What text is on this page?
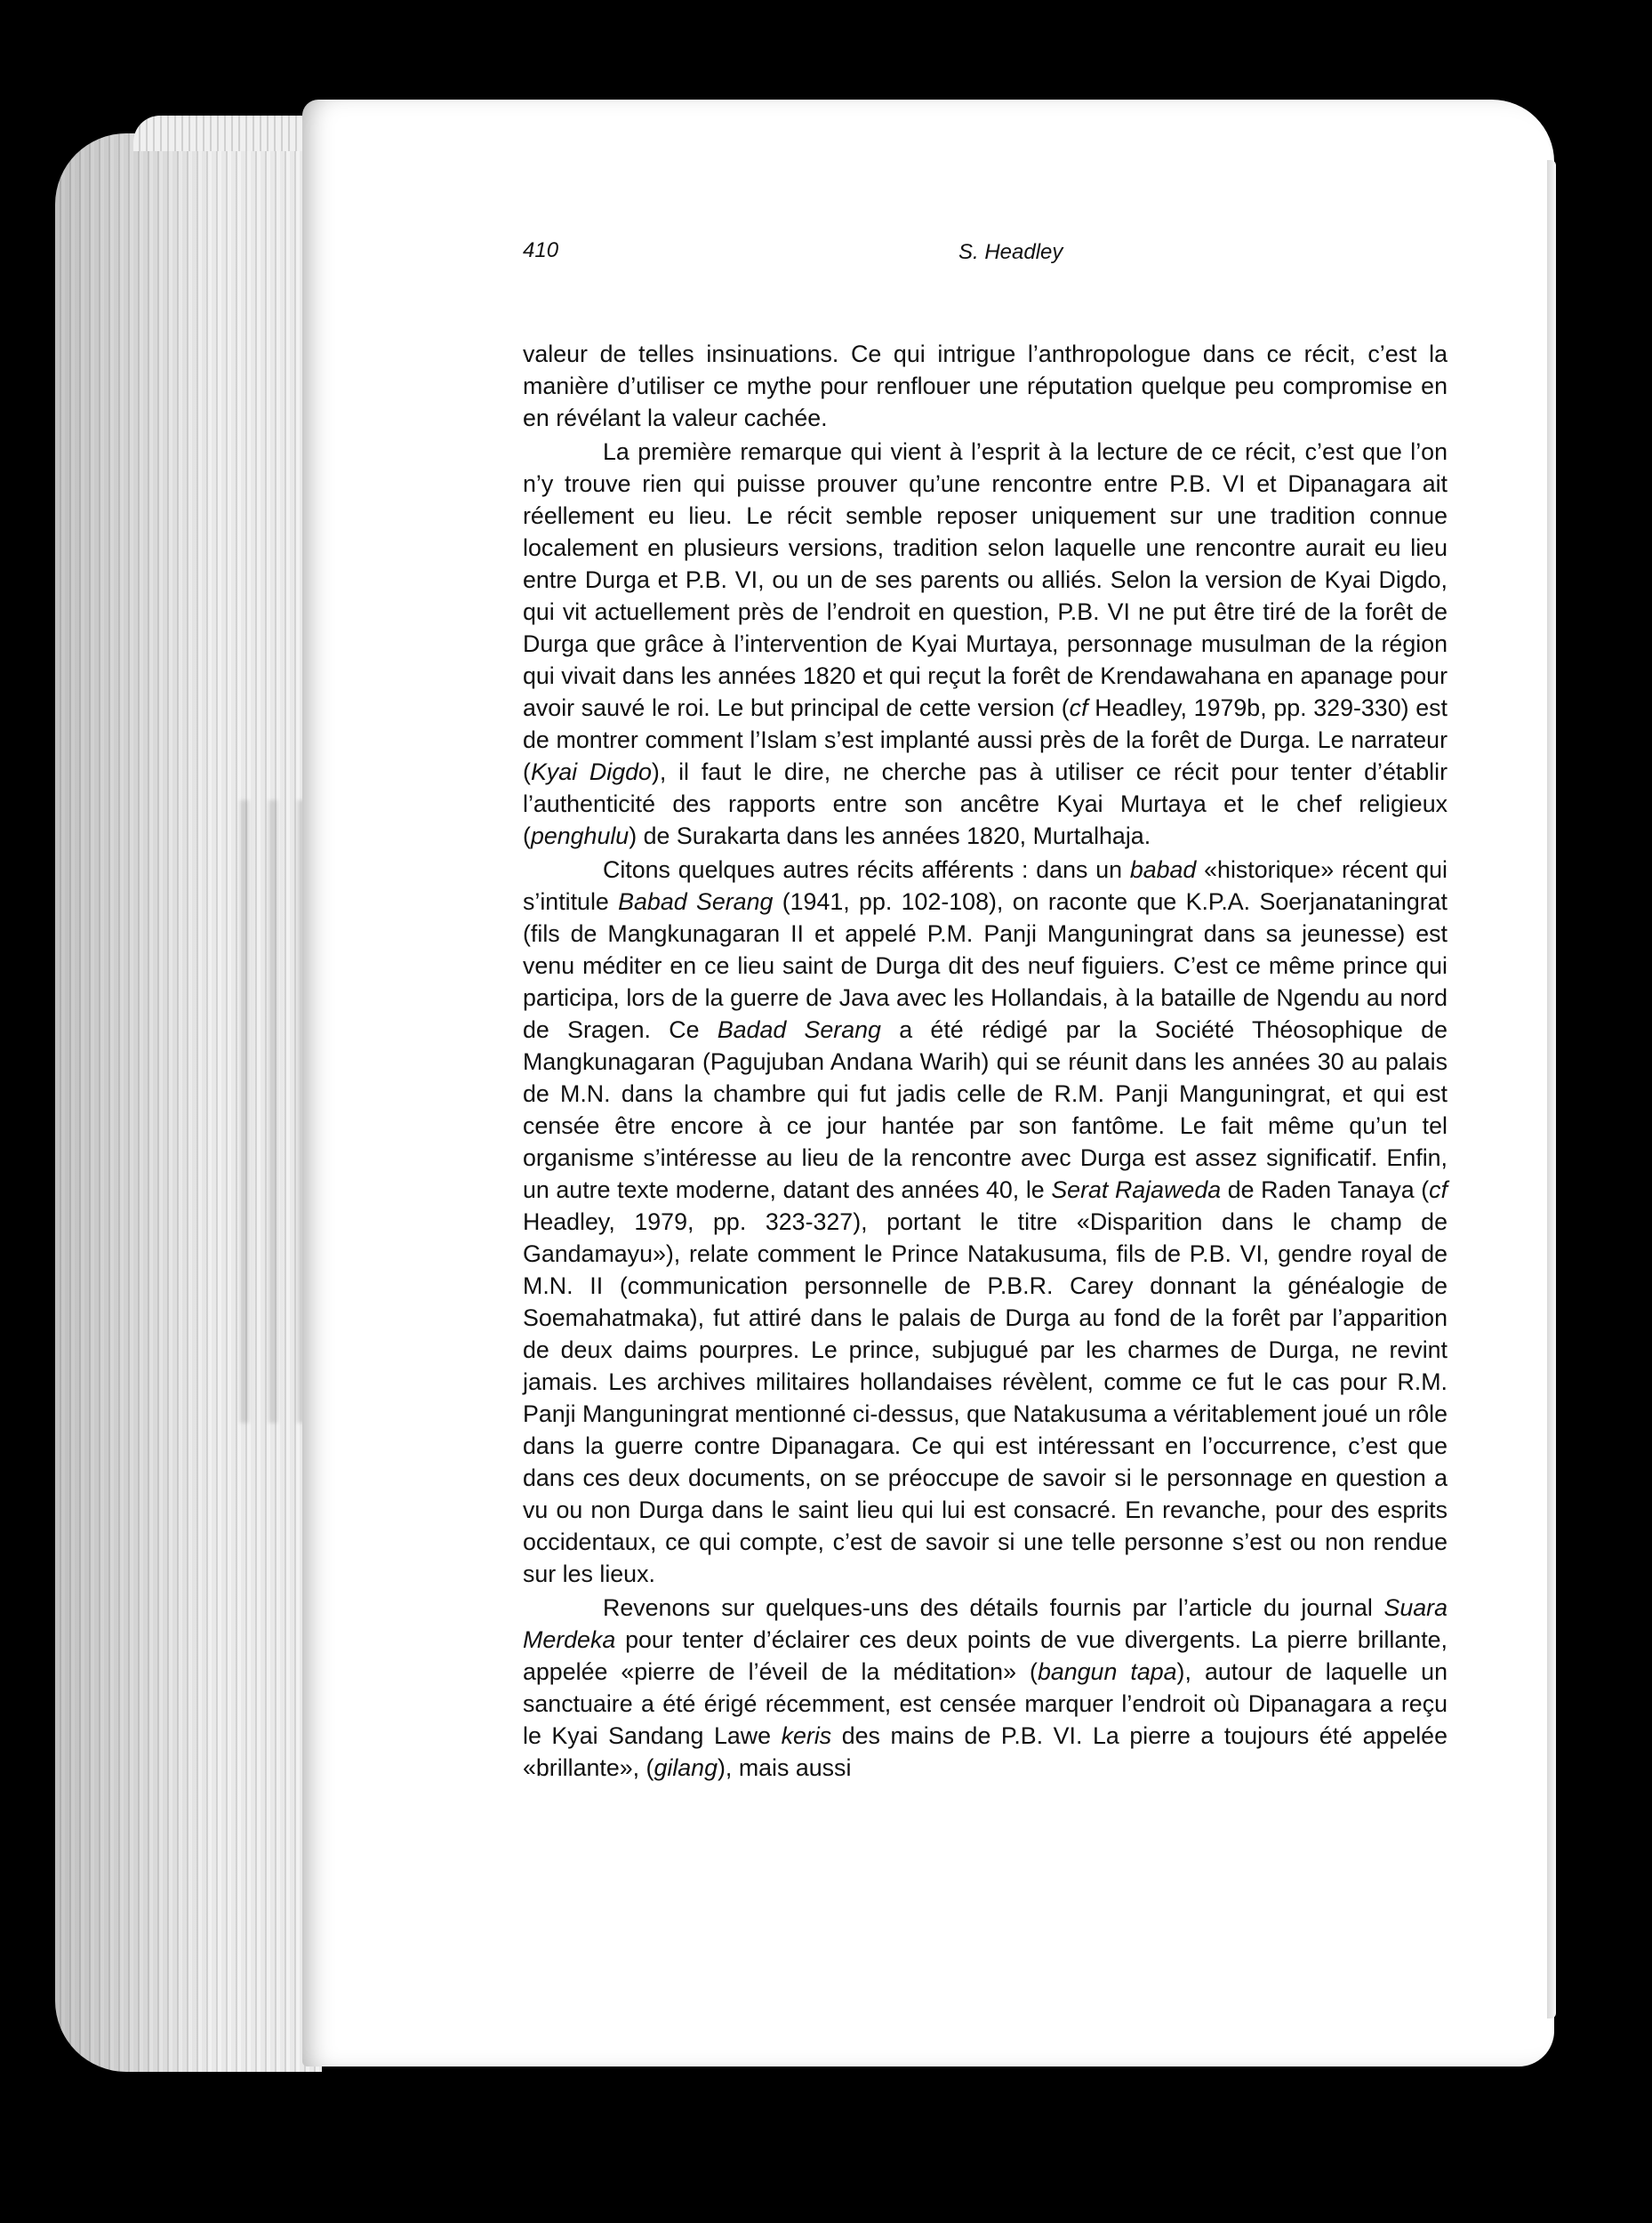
410	S. Headley

valeur de telles insinuations. Ce qui intrigue l’anthropologue dans ce récit, c’est la manière d’utiliser ce mythe pour renflouer une réputation quelque peu compromise en en révélant la valeur cachée.

La première remarque qui vient à l’esprit à la lecture de ce récit, c’est que l’on n’y trouve rien qui puisse prouver qu’une rencontre entre P.B. VI et Dipanagara ait réellement eu lieu. Le récit semble reposer uniquement sur une tradition connue localement en plusieurs versions, tradition selon laquelle une rencontre aurait eu lieu entre Durga et P.B. VI, ou un de ses parents ou alliés. Selon la version de Kyai Digdo, qui vit actuellement près de l’endroit en question, P.B. VI ne put être tiré de la forêt de Durga que grâce à l’intervention de Kyai Murtaya, personnage musulman de la région qui vivait dans les années 1820 et qui reçut la forêt de Krendawahana en apanage pour avoir sauvé le roi. Le but principal de cette version (cf Headley, 1979b, pp. 329-330) est de montrer comment l’Islam s’est implanté aussi près de la forêt de Durga. Le narrateur (Kyai Digdo), il faut le dire, ne cherche pas à utiliser ce récit pour tenter d’établir l’authenticité des rapports entre son ancêtre Kyai Murtaya et le chef religieux (penghulu) de Surakarta dans les années 1820, Murtalhaja.

Citons quelques autres récits afférents : dans un babad «historique» récent qui s’intitule Babad Serang (1941, pp. 102-108), on raconte que K.P.A. Soerjanataningrat (fils de Mangkunagaran II et appelé P.M. Panji Manguningrat dans sa jeunesse) est venu méditer en ce lieu saint de Durga dit des neuf figuiers. C’est ce même prince qui participa, lors de la guerre de Java avec les Hollandais, à la bataille de Ngendu au nord de Sragen. Ce Badad Serang a été rédigé par la Société Théosophique de Mangkunagaran (Pagujuban Andana Warih) qui se réunit dans les années 30 au palais de M.N. dans la chambre qui fut jadis celle de R.M. Panji Manguningrat, et qui est censée être encore à ce jour hantée par son fantôme. Le fait même qu’un tel organisme s’intéresse au lieu de la rencontre avec Durga est assez significatif. Enfin, un autre texte moderne, datant des années 40, le Serat Rajaweda de Raden Tanaya (cf Headley, 1979, pp. 323-327), portant le titre «Disparition dans le champ de Gandamayu»), relate comment le Prince Natakusuma, fils de P.B. VI, gendre royal de M.N. II (communication personnelle de P.B.R. Carey donnant la généalogie de Soemahatmaka), fut attiré dans le palais de Durga au fond de la forêt par l’apparition de deux daims pourpres. Le prince, subjugué par les charmes de Durga, ne revint jamais. Les archives militaires hollandaises révèlent, comme ce fut le cas pour R.M. Panji Manguningrat mentionné ci-dessus, que Natakusuma a véritablement joué un rôle dans la guerre contre Dipanagara. Ce qui est intéressant en l’occurrence, c’est que dans ces deux documents, on se préoccupe de savoir si le personnage en question a vu ou non Durga dans le saint lieu qui lui est consacré. En revanche, pour des esprits occidentaux, ce qui compte, c’est de savoir si une telle personne s’est ou non rendue sur les lieux.

Revenons sur quelques-uns des détails fournis par l’article du journal Suara Merdeka pour tenter d’éclairer ces deux points de vue divergents. La pierre brillante, appelée «pierre de l’éveil de la méditation» (bangun tapa), autour de laquelle un sanctuaire a été érigé récemment, est censée marquer l’endroit où Dipanagara a reçu le Kyai Sandang Lawe keris des mains de P.B. VI. La pierre a toujours été appelée «brillante», (gilang), mais aussi
